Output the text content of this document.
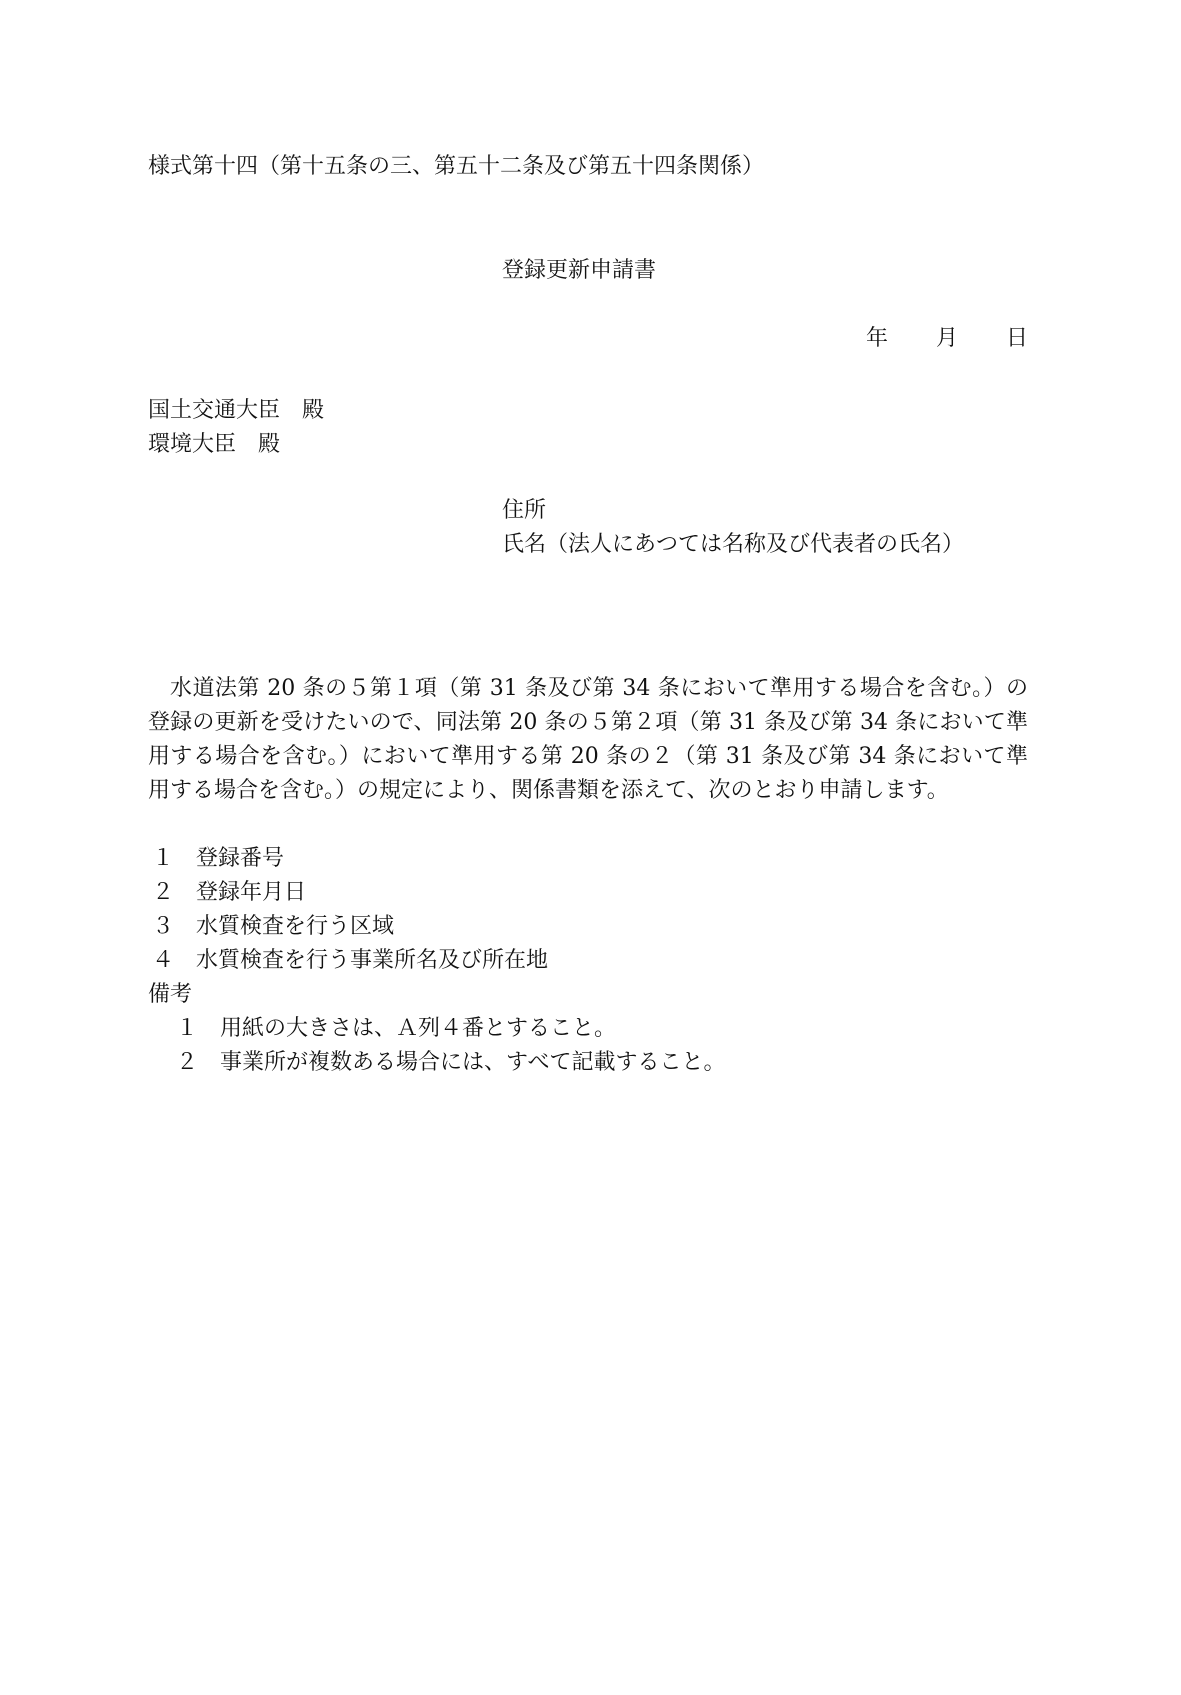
様式第十四（第十五条の三、第五十二条及び第五十四条関係）
登録更新申請書
年 月 日
国土交通大臣　殿
環境大臣　殿
住所
氏名（法人にあつては名称及び代表者の氏名）
水道法第 20 条の５第１項（第 31 条及び第 34 条において準用する場合を含む。）の登録の更新を受けたいので、同法第 20 条の５第２項（第 31 条及び第 34 条において準用する場合を含む。）において準用する第 20 条の２（第 31 条及び第 34 条において準用する場合を含む。）の規定により、関係書類を添えて、次のとおり申請します。
１ 登録番号
２ 登録年月日
３ 水質検査を行う区域
４ 水質検査を行う事業所名及び所在地
備考
１ 用紙の大きさは、Ａ列４番とすること。
２ 事業所が複数ある場合には、すべて記載すること。
